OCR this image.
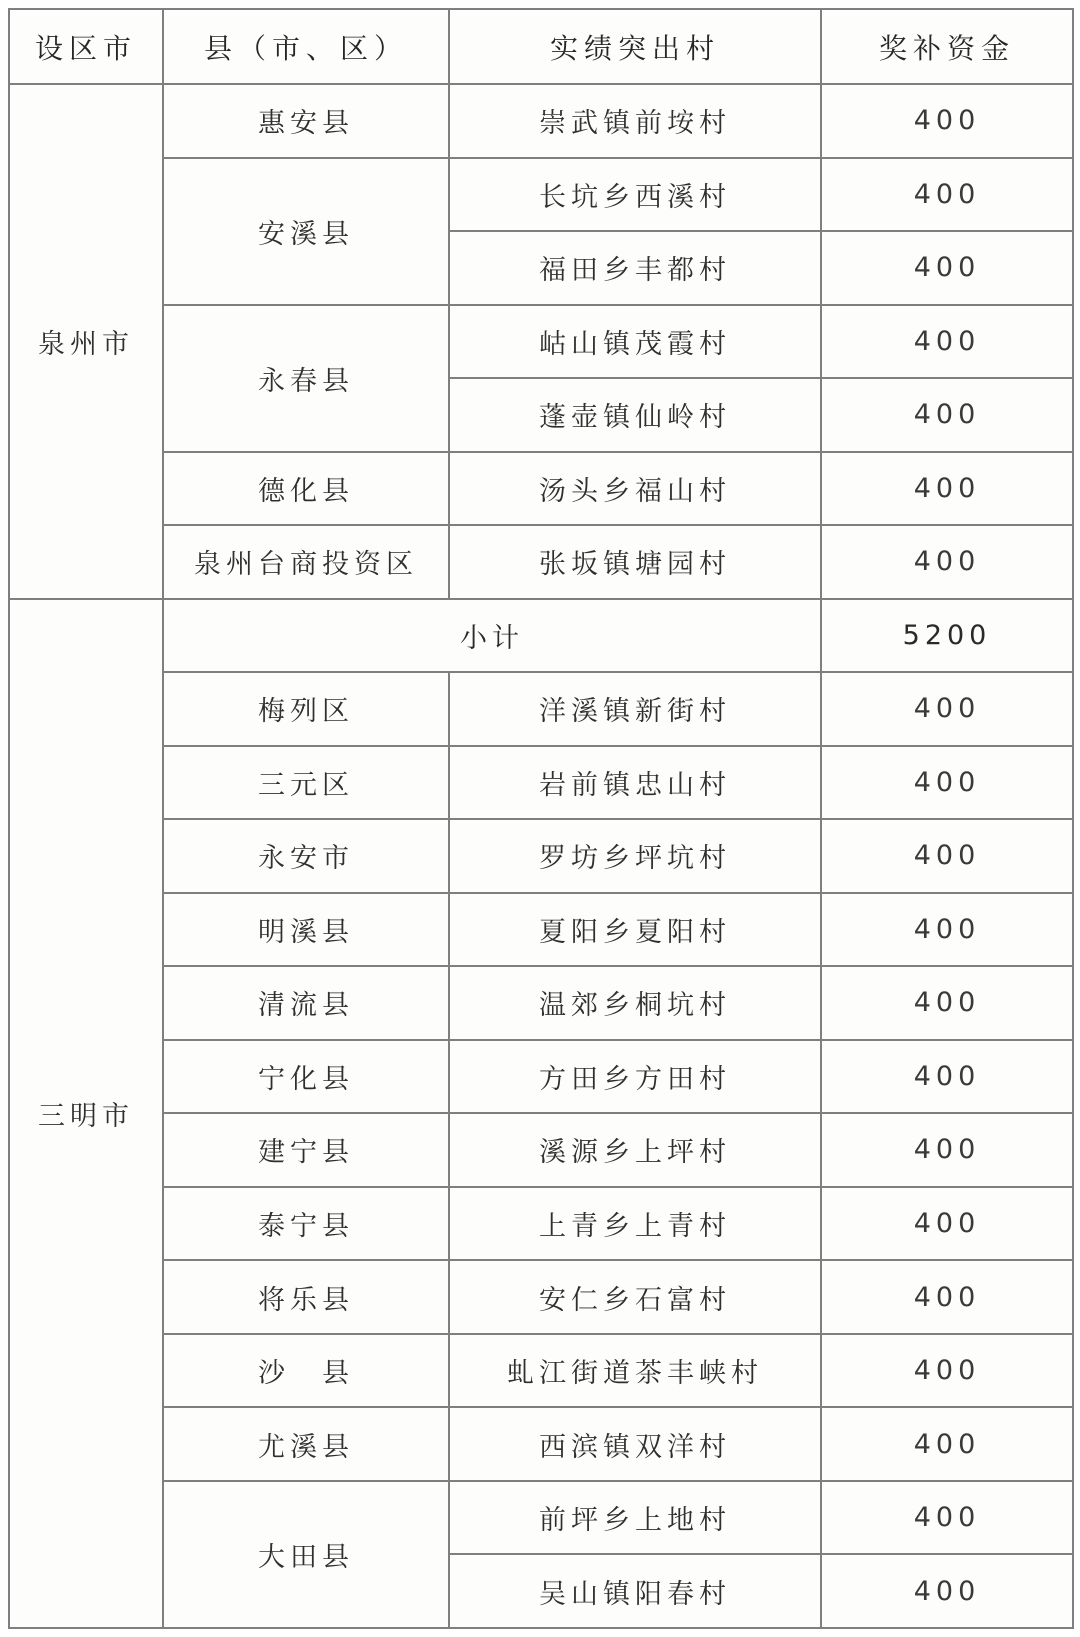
设区市	县（市、区）	实绩突出村	奖补资金
泉州市	惠安县	崇武镇前垵村	400
	安溪县	长坑乡西溪村	400
		福田乡丰都村	400
	永春县	岵山镇茂霞村	400
		蓬壶镇仙岭村	400
	德化县	汤头乡福山村	400
	泉州台商投资区	张坂镇塘园村	400
三明市	小计		5200
	梅列区	洋溪镇新街村	400
	三元区	岩前镇忠山村	400
	永安市	罗坊乡坪坑村	400
	明溪县	夏阳乡夏阳村	400
	清流县	温郊乡桐坑村	400
	宁化县	方田乡方田村	400
	建宁县	溪源乡上坪村	400
	泰宁县	上青乡上青村	400
	将乐县	安仁乡石富村	400
	沙　县	虬江街道茶丰峡村	400
	尤溪县	西滨镇双洋村	400
	大田县	前坪乡上地村	400
		吴山镇阳春村	400
